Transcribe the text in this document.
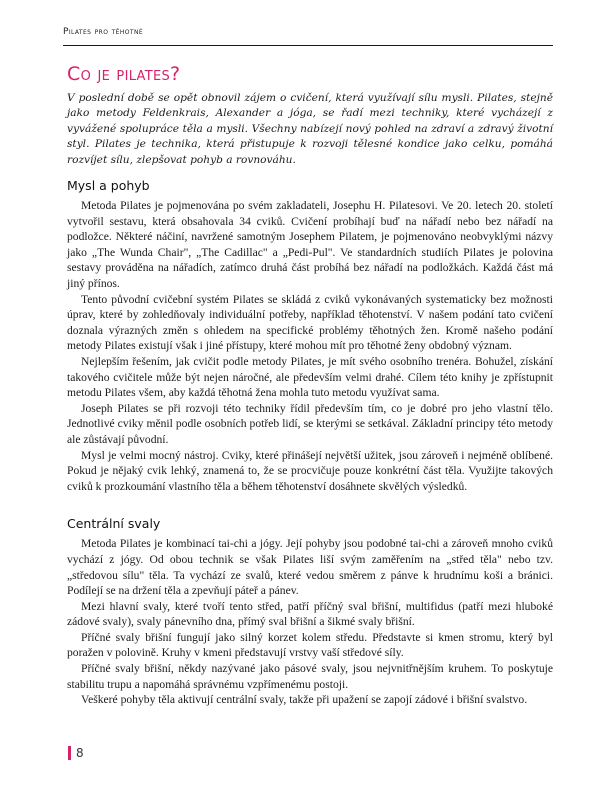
Pilates pro těhotné
Co je pilates?

V poslední době se opět obnovil zájem o cvičení, která využívají sílu mysli. Pilates, stejně jako metody Feldenkrais, Alexander a jóga, se řadí mezi techniky, které vycházejí z vyvážené spolupráce těla a mysli. Všechny nabízejí nový pohled na zdraví a zdravý životní styl. Pilates je technika, která přistupuje k rozvoji tělesné kondice jako celku, pomáhá rozvíjet sílu, zlepšovat pohyb a rovnováhu.

Mysl a pohyb

Metoda Pilates je pojmenována po svém zakladateli, Josephu H. Pilatesovi. Ve 20. letech 20. století vytvořil sestavu, která obsahovala 34 cviků. Cvičení probíhají buď na nářadí nebo bez nářadí na podložce. Některé náčiní, navržené samotným Josephem Pilatem, je pojmenováno neobvyklými názvy jako „The Wunda Chair", „The Cadillac" a „Pedi-Pul". Ve standardních studiích Pilates je polovina sestavy prováděna na nářadích, zatímco druhá část probíhá bez nářadí na podložkách. Každá část má jiný přínos.

Tento původní cvičební systém Pilates se skládá z cviků vykonávaných systematicky bez možnosti úprav, které by zohledňovaly individuální potřeby, například těhotenství. V našem podání tato cvičení doznala výrazných změn s ohledem na specifické problémy těhotných žen. Kromě našeho podání metody Pilates existují však i jiné přístupy, které mohou mít pro těhotné ženy obdobný význam.

Nejlepším řešením, jak cvičit podle metody Pilates, je mít svého osobního trenéra. Bohužel, získání takového cvičitele může být nejen náročné, ale především velmi drahé. Cílem této knihy je zpřístupnit metodu Pilates všem, aby každá těhotná žena mohla tuto metodu využívat sama.

Joseph Pilates se při rozvoji této techniky řídil především tím, co je dobré pro jeho vlastní tělo. Jednotlivé cviky měnil podle osobních potřeb lidí, se kterými se setkával. Základní principy této metody ale zůstávají původní.

Mysl je velmi mocný nástroj. Cviky, které přinášejí největší užitek, jsou zároveň i nejméně oblíbené. Pokud je nějaký cvik lehký, znamená to, že se procvičuje pouze konkrétní část těla. Využijte takových cviků k prozkoumání vlastního těla a během těhotenství dosáhnete skvělých výsledků.

Centrální svaly

Metoda Pilates je kombinací tai-chi a jógy. Její pohyby jsou podobné tai-chi a zároveň mnoho cviků vychází z jógy. Od obou technik se však Pilates liší svým zaměřením na „střed těla" nebo tzv. „středovou sílu" těla. Ta vychází ze svalů, které vedou směrem z pánve k hrudnímu koši a bránici. Podílejí se na držení těla a zpevňují páteř a pánev.

Mezi hlavní svaly, které tvoří tento střed, patří příčný sval břišní, multifidus (patří mezi hluboké zádové svaly), svaly pánevního dna, přímý sval břišní a šikmé svaly břišní.

Příčné svaly břišní fungují jako silný korzet kolem středu. Představte si kmen stromu, který byl poražen v polovině. Kruhy v kmeni představují vrstvy vaší středové síly.

Příčné svaly břišní, někdy nazývané jako pásové svaly, jsou nejvnitřnějším kruhem. To poskytuje stabilitu trupu a napomáhá správnému vzpřímenému postoji.

Veškeré pohyby těla aktivují centrální svaly, takže při upažení se zapojí zádové i břišní svalstvo.

8
